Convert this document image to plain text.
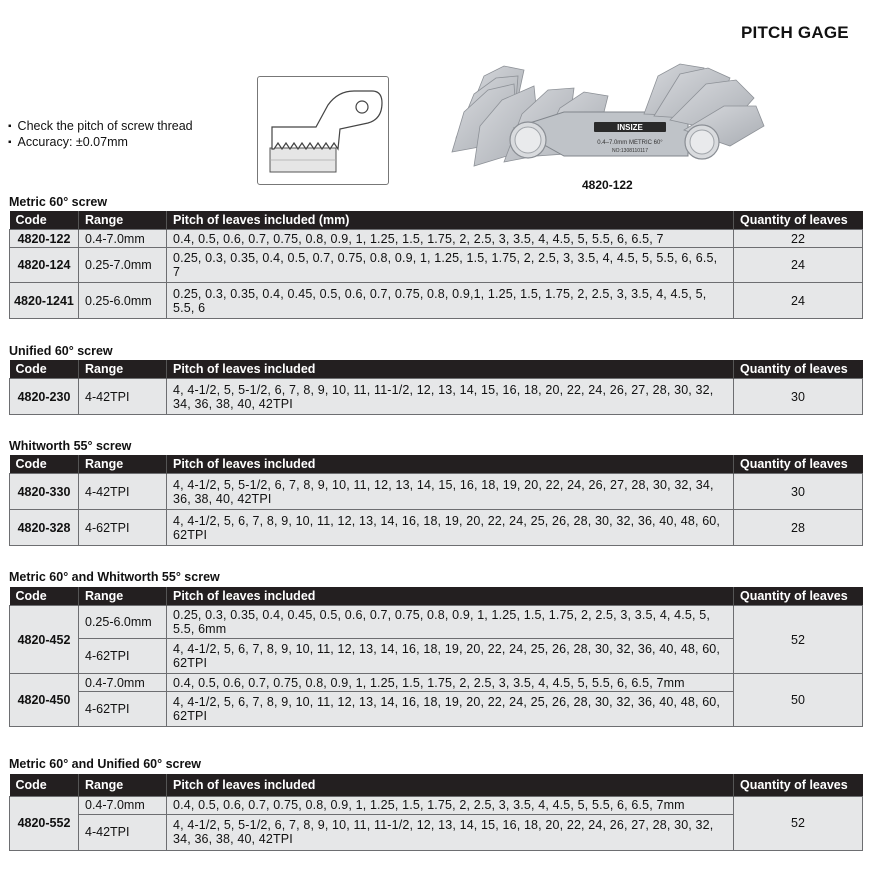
PITCH GAGE
▪ Check the pitch of screw thread
▪ Accuracy: ±0.07mm
INSIZE
0.4–7.0mm METRIC 60°
NO:1308110117
4820-122
Metric 60° screw
Code	Range	Pitch of leaves included (mm)	Quantity of leaves
4820-122	0.4-7.0mm	0.4, 0.5, 0.6, 0.7, 0.75, 0.8, 0.9, 1, 1.25, 1.5, 1.75, 2, 2.5, 3, 3.5, 4, 4.5, 5, 5.5, 6, 6.5, 7	22
4820-124	0.25-7.0mm	0.25, 0.3, 0.35, 0.4, 0.5, 0.7, 0.75, 0.8, 0.9, 1, 1.25, 1.5, 1.75, 2, 2.5, 3, 3.5, 4, 4.5, 5, 5.5, 6, 6.5, 7	24
4820-1241	0.25-6.0mm	0.25, 0.3, 0.35, 0.4, 0.45, 0.5, 0.6, 0.7, 0.75, 0.8, 0.9,1, 1.25, 1.5, 1.75, 2, 2.5, 3, 3.5, 4, 4.5, 5, 5.5, 6	24
Unified 60° screw
Code	Range	Pitch of leaves included	Quantity of leaves
4820-230	4-42TPI	4, 4-1/2, 5, 5-1/2, 6, 7, 8, 9, 10, 11, 11-1/2, 12, 13, 14, 15, 16, 18, 20, 22, 24, 26, 27, 28, 30, 32, 34, 36, 38, 40, 42TPI	30
Whitworth 55° screw
Code	Range	Pitch of leaves included	Quantity of leaves
4820-330	4-42TPI	4, 4-1/2, 5, 5-1/2, 6, 7, 8, 9, 10, 11, 12, 13, 14, 15, 16, 18, 19, 20, 22, 24, 26, 27, 28, 30, 32, 34, 36, 38, 40, 42TPI	30
4820-328	4-62TPI	4, 4-1/2, 5, 6, 7, 8, 9, 10, 11, 12, 13, 14, 16, 18, 19, 20, 22, 24, 25, 26, 28, 30, 32, 36, 40, 48, 60, 62TPI	28
Metric 60° and Whitworth 55° screw
Code	Range	Pitch of leaves included	Quantity of leaves
4820-452	0.25-6.0mm	0.25, 0.3, 0.35, 0.4, 0.45, 0.5, 0.6, 0.7, 0.75, 0.8, 0.9, 1, 1.25, 1.5, 1.75, 2, 2.5, 3, 3.5, 4, 4.5, 5, 5.5, 6mm	52
	4-62TPI	4, 4-1/2, 5, 6, 7, 8, 9, 10, 11, 12, 13, 14, 16, 18, 19, 20, 22, 24, 25, 26, 28, 30, 32, 36, 40, 48, 60, 62TPI	
4820-450	0.4-7.0mm	0.4, 0.5, 0.6, 0.7, 0.75, 0.8, 0.9, 1, 1.25, 1.5, 1.75, 2, 2.5, 3, 3.5, 4, 4.5, 5, 5.5, 6, 6.5, 7mm	50
	4-62TPI	4, 4-1/2, 5, 6, 7, 8, 9, 10, 11, 12, 13, 14, 16, 18, 19, 20, 22, 24, 25, 26, 28, 30, 32, 36, 40, 48, 60, 62TPI	
Metric 60° and Unified 60° screw
Code	Range	Pitch of leaves included	Quantity of leaves
4820-552	0.4-7.0mm	0.4, 0.5, 0.6, 0.7, 0.75, 0.8, 0.9, 1, 1.25, 1.5, 1.75, 2, 2.5, 3, 3.5, 4, 4.5, 5, 5.5, 6, 6.5, 7mm	52
	4-42TPI	4, 4-1/2, 5, 5-1/2, 6, 7, 8, 9, 10, 11, 11-1/2, 12, 13, 14, 15, 16, 18, 20, 22, 24, 26, 27, 28, 30, 32, 34, 36, 38, 40, 42TPI	
